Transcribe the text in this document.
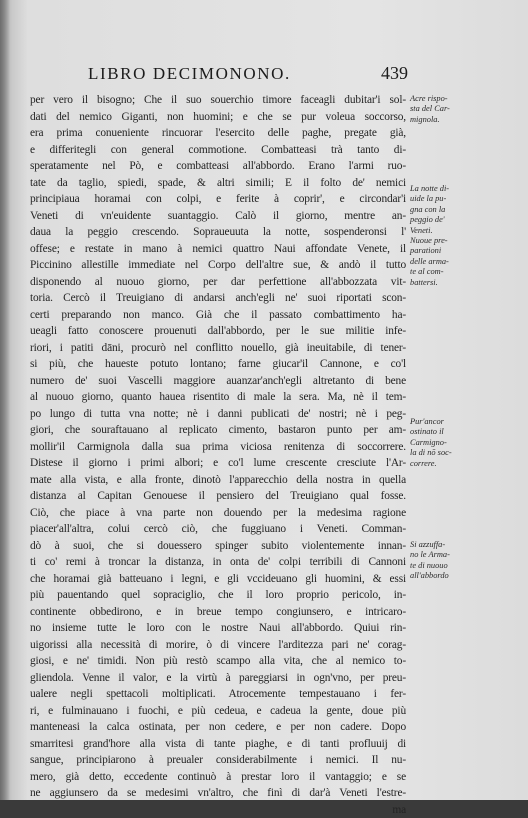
LIBRO DECIMONONO.	439
per vero il bisogno; Che il suo souerchio timore faceagli dubitar'i sol-
dati del nemico Giganti, non huomini; e che se pur voleua soccorso,
era prima conueniente rincuorar l'esercito delle paghe, pregate già,
e differitegli con general commotione. Combatteasi trà tanto di-
speratamente nel Pò, e combatteasi all'abbordo. Erano l'armi ruo-
tate da taglio, spiedi, spade, & altri simili; E il folto de' nemici
principiaua horamai con colpi, e ferite à coprir', e circondar'i
Veneti di vn'euidente suantaggio. Calò il giorno, mentre an-
daua la peggio crescendo. Sopraueuuta la notte, sospenderonsi l'
offese; e restate in mano à nemici quattro Naui affondate Venete, il
Piccinino allestille immediate nel Corpo dell'altre sue, & andò il tutto
disponendo al nuouo giorno, per dar perfettione all'abbozzata vit-
toria. Cercò il Treuigiano di andarsi anch'egli ne' suoi riportati scon-
certi preparando non manco. Già che il passato combattimento ha-
ueagli fatto conoscere prouenuti dall'abbordo, per le sue militie infe-
riori, i patiti dāni, procurò nel conflitto nouello, già ineuitabile, di tener-
si più, che haueste potuto lontano; farne giucar'il Cannone, e co'l
numero de' suoi Vascelli maggiore auanzar'anch'egli altretanto di bene
al nuouo giorno, quanto hauea risentito di male la sera. Ma, nè il tem-
po lungo di tutta vna notte; nè i danni publicati de' nostri; nè i peg-
giori, che souraftauano al replicato cimento, bastaron punto per am-
mollir'il Carmignola dalla sua prima viciosa renitenza di soccorrere.
Distese il giorno i primi albori; e co'l lume crescente cresciute l'Ar-
mate alla vista, e alla fronte, dinotò l'apparecchio della nostra in quella
distanza al Capitan Genouese il pensiero del Treuigiano qual fosse.
Ciò, che piace à vna parte non douendo per la medesima ragione
piacer'all'altra, colui cercò ciò, che fuggiuano i Veneti. Comman-
dò à suoi, che si douessero spinger subito violentemente innan-
ti co' remi à troncar la distanza, in onta de' colpi terribili di Cannoni
che horamai già batteuano i legni, e gli vccideuano gli huomini, & essi
più pauentando quel sopraciglio, che il loro proprio pericolo, in-
continente obbedirono, e in breue tempo congiunsero, e intricaro-
no insieme tutte le loro con le nostre Naui all'abbordo. Quiui rin-
uigorissi alla necessità di morire, ò di vincere l'arditezza pari ne' corag-
giosi, e ne' timidi. Non più restò scampo alla vita, che al nemico to-
gliendola. Venne il valor, e la virtù à pareggiarsi in ogn'vno, per preu-
ualere negli spettacoli moltiplicati. Atrocemente tempestauano i fer-
ri, e fulminauano i fuochi, e più cedeua, e cadeua la gente, doue più
manteneasi la calca ostinata, per non cedere, e per non cadere. Dopo
smarritesi grand'hore alla vista di tante piaghe, e di tanti profluuij di
sangue, principiarono à preualer considerabilmente i nemici. Il nu-
mero, già detto, eccedente continuò à prestar loro il vantaggio; e se
ne aggiunsero da se medesimi vn'altro, che finì di dar'à Veneti l'estre-
ma
Acre rispo-
sta del Car-
mignola.
La notte di-
uide la pu-
gna con la
peggio de'
Veneti.
Nuoue pre-
parationi
delle arma-
te al com-
battersi.
Pur'ancor
ostinato il
Carmigno-
la di nō soc-
correre.
Si azzuffa-
no le Arma-
te di nuouo
all'abbordo
